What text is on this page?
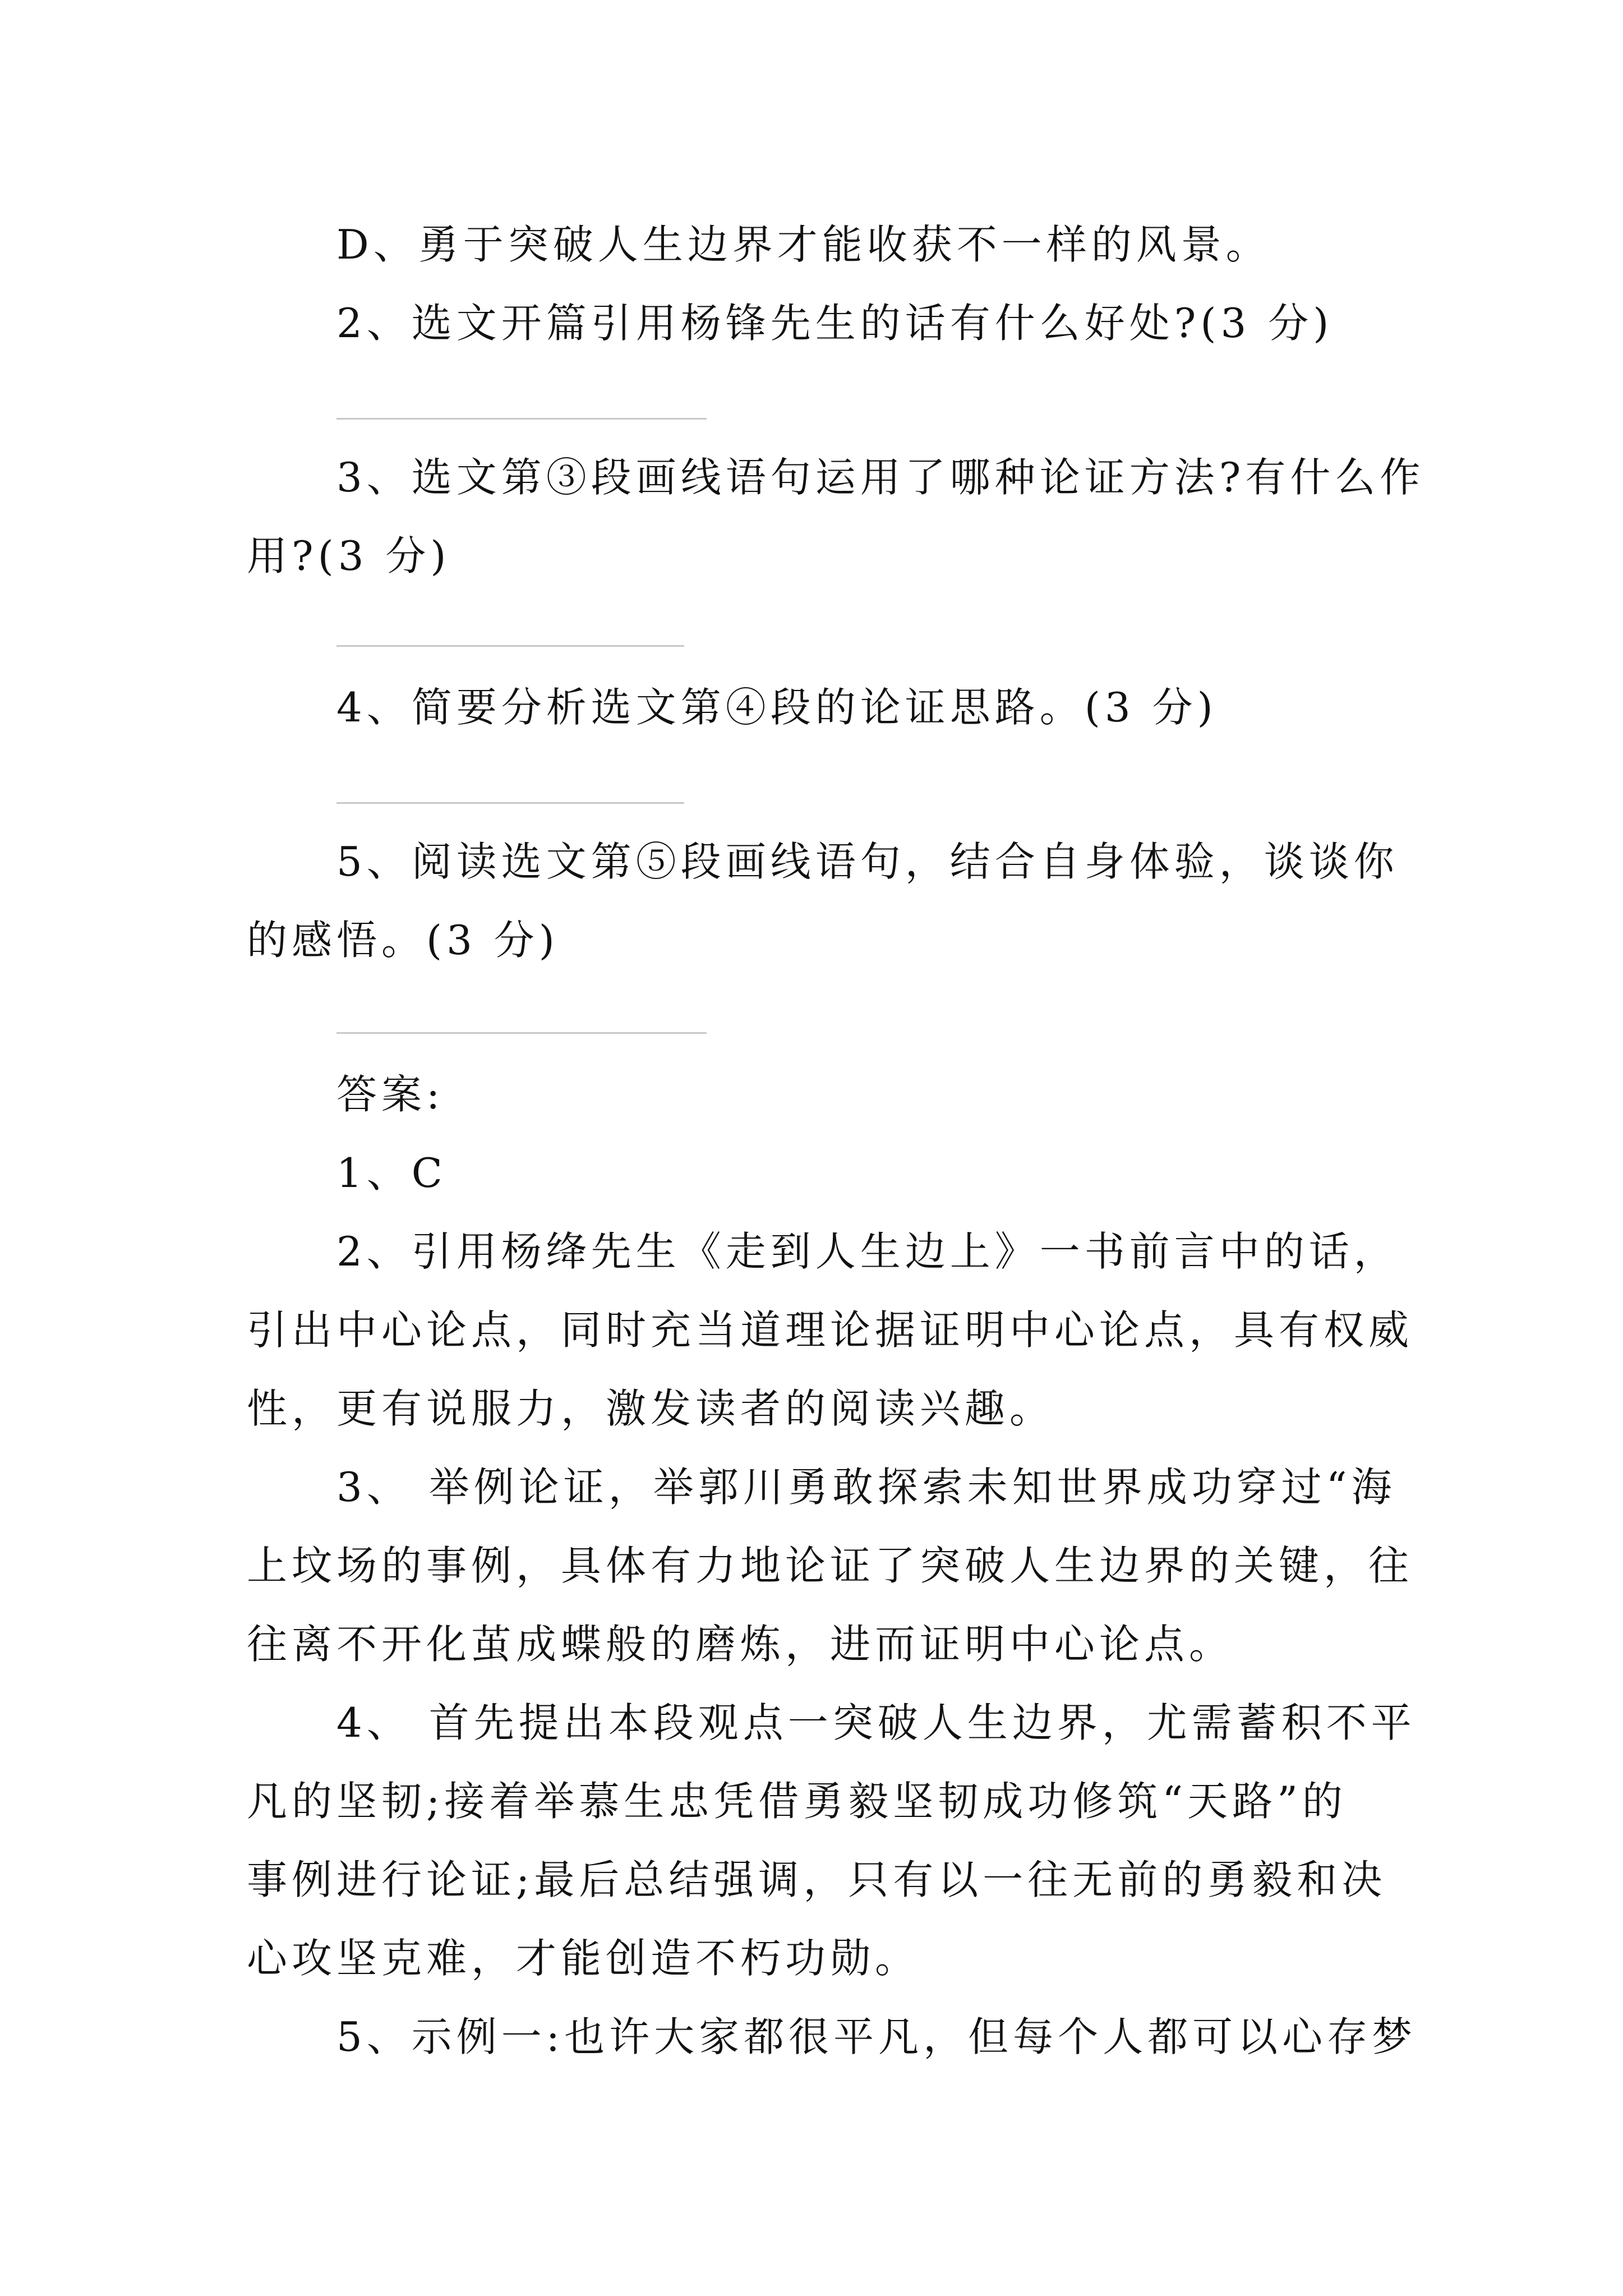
D、勇于突破人生边界才能收获不一样的风景。
2、选文开篇引用杨锋先生的话有什么好处?(3 分)
3、选文第③段画线语句运用了哪种论证方法?有什么作
用?(3 分)
4、简要分析选文第④段的论证思路。(3 分)
5、阅读选文第⑤段画线语句，结合自身体验，谈谈你
的感悟。(3 分)
答案:
1、C
2、引用杨绛先生《走到人生边上》一书前言中的话，
引出中心论点，同时充当道理论据证明中心论点，具有权威
性，更有说服力，激发读者的阅读兴趣。
3、 举例论证，举郭川勇敢探索未知世界成功穿过“海
上坟场的事例，具体有力地论证了突破人生边界的关键，往
往离不开化茧成蝶般的磨炼，进而证明中心论点。
4、 首先提出本段观点一突破人生边界，尤需蓄积不平
凡的坚韧;接着举慕生忠凭借勇毅坚韧成功修筑“天路”的
事例进行论证;最后总结强调，只有以一往无前的勇毅和决
心攻坚克难，才能创造不朽功勋。
5、示例一:也许大家都很平凡，但每个人都可以心存梦
